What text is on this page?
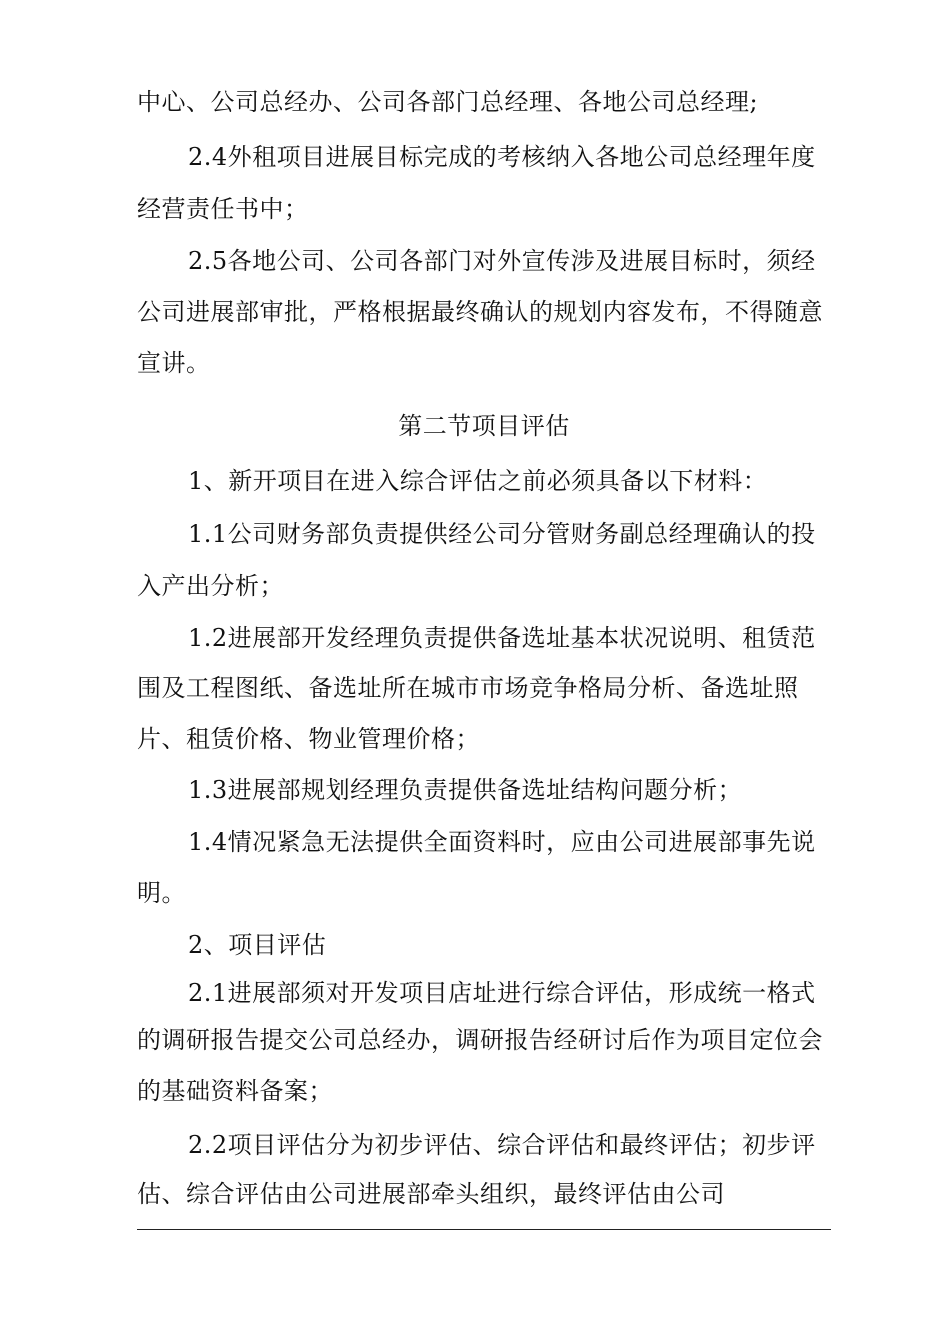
中心、公司总经办、公司各部门总经理、各地公司总经理;
2.4外租项目进展目标完成的考核纳入各地公司总经理年度
经营责任书中；
2.5各地公司、公司各部门对外宣传涉及进展目标时，须经
公司进展部审批，严格根据最终确认的规划内容发布，不得随意
宣讲。
第二节项目评估
1、新开项目在进入综合评估之前必须具备以下材料：
1.1公司财务部负责提供经公司分管财务副总经理确认的投
入产出分析；
1.2进展部开发经理负责提供备选址基本状况说明、租赁范
围及工程图纸、备选址所在城市市场竞争格局分析、备选址照
片、租赁价格、物业管理价格；
1.3进展部规划经理负责提供备选址结构问题分析；
1.4情况紧急无法提供全面资料时，应由公司进展部事先说
明。
2、项目评估
2.1进展部须对开发项目店址进行综合评估，形成统一格式
的调研报告提交公司总经办，调研报告经研讨后作为项目定位会
的基础资料备案；
2.2项目评估分为初步评估、综合评估和最终评估；初步评
估、综合评估由公司进展部牵头组织，最终评估由公司
